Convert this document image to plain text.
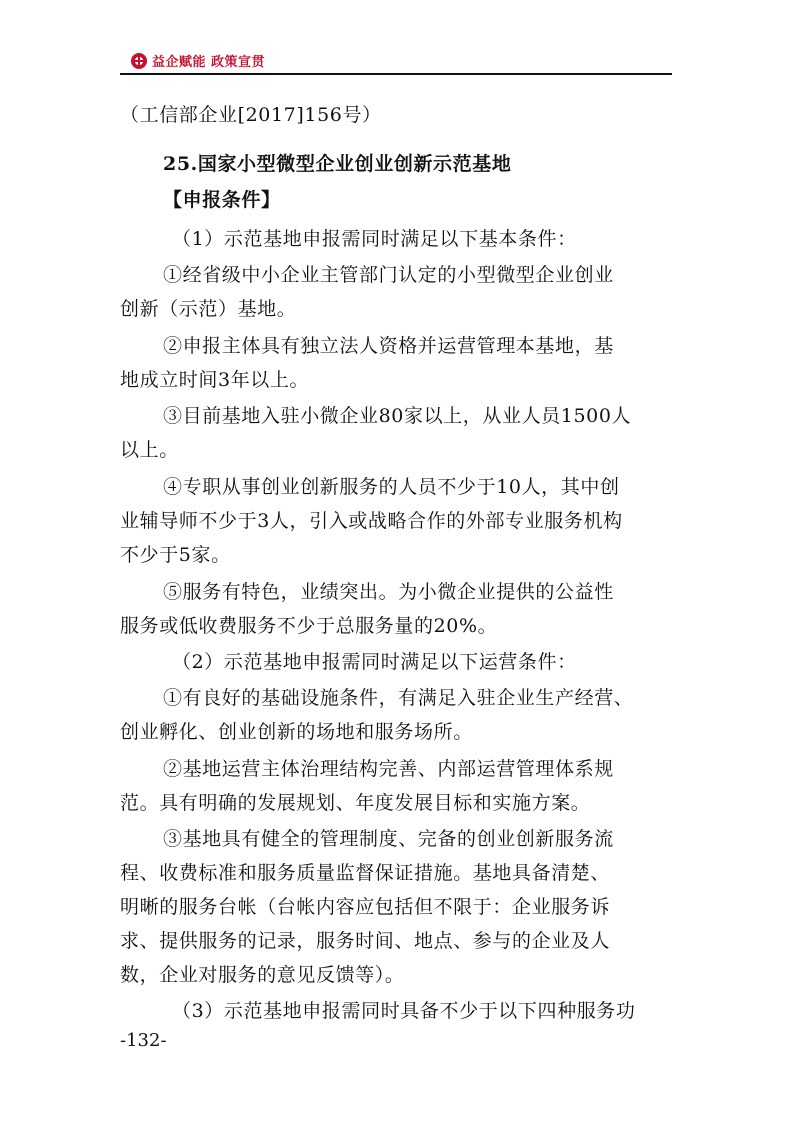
益企赋能 政策宣贯
（工信部企业[2017]156号）
25.国家小型微型企业创业创新示范基地
【申报条件】
（1）示范基地申报需同时满足以下基本条件：
①经省级中小企业主管部门认定的小型微型企业创业
创新（示范）基地。
②申报主体具有独立法人资格并运营管理本基地，基
地成立时间3年以上。
③目前基地入驻小微企业80家以上，从业人员1500人
以上。
④专职从事创业创新服务的人员不少于10人，其中创
业辅导师不少于3人，引入或战略合作的外部专业服务机构
不少于5家。
⑤服务有特色，业绩突出。为小微企业提供的公益性
服务或低收费服务不少于总服务量的20%。
（2）示范基地申报需同时满足以下运营条件：
①有良好的基础设施条件，有满足入驻企业生产经营、
创业孵化、创业创新的场地和服务场所。
②基地运营主体治理结构完善、内部运营管理体系规
范。具有明确的发展规划、年度发展目标和实施方案。
③基地具有健全的管理制度、完备的创业创新服务流
程、收费标准和服务质量监督保证措施。基地具备清楚、
明晰的服务台帐（台帐内容应包括但不限于：企业服务诉
求、提供服务的记录，服务时间、地点、参与的企业及人
数，企业对服务的意见反馈等）。
（3）示范基地申报需同时具备不少于以下四种服务功
-132-
